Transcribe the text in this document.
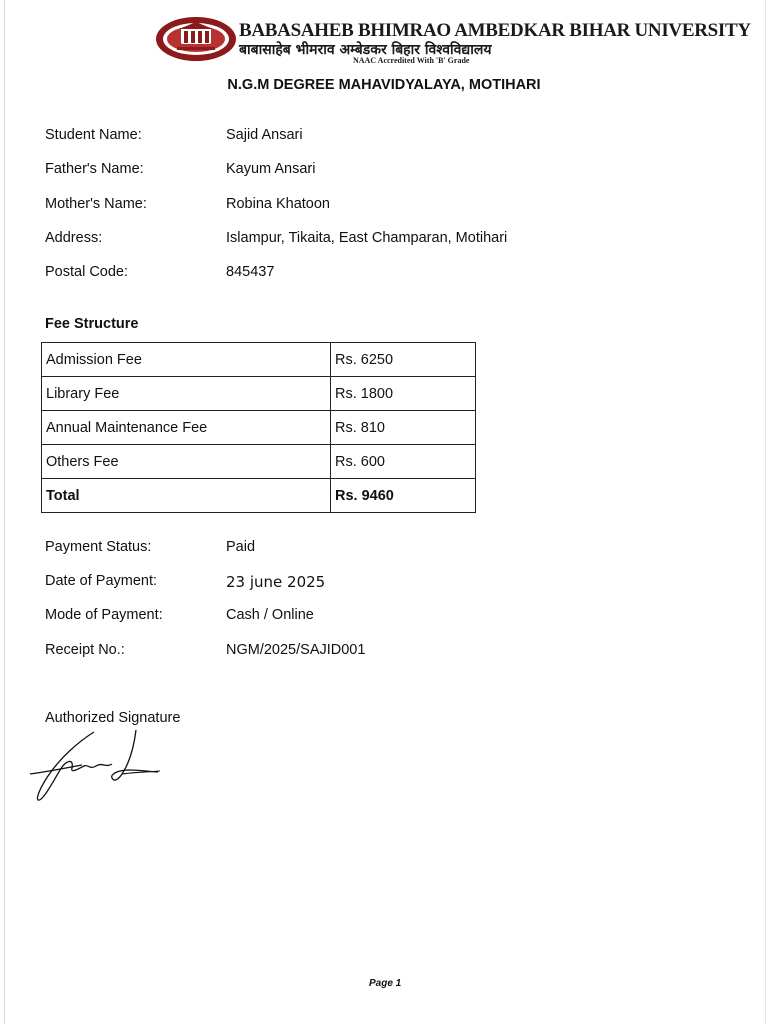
BABASAHEB BHIMRAO AMBEDKAR BIHAR UNIVERSITY
बाबासाहेब भीमराव अम्बेडकर बिहार विश्वविद्यालय
NAAC Accredited With 'B' Grade
N.G.M DEGREE MAHAVIDYALAYA, MOTIHARI
Student Name:	Sajid Ansari
Father's Name:	Kayum Ansari
Mother's Name:	Robina Khatoon
Address:	Islampur, Tikaita, East Champaran, Motihari
Postal Code:	845437
Fee Structure
Admission Fee	Rs. 6250
Library Fee	Rs. 1800
Annual Maintenance Fee	Rs. 810
Others Fee	Rs. 600
Total	Rs. 9460
Payment Status:	Paid
Date of Payment:	23 june 2025
Mode of Payment:	Cash / Online
Receipt No.:	NGM/2025/SAJID001
Authorized Signature
Page 1
